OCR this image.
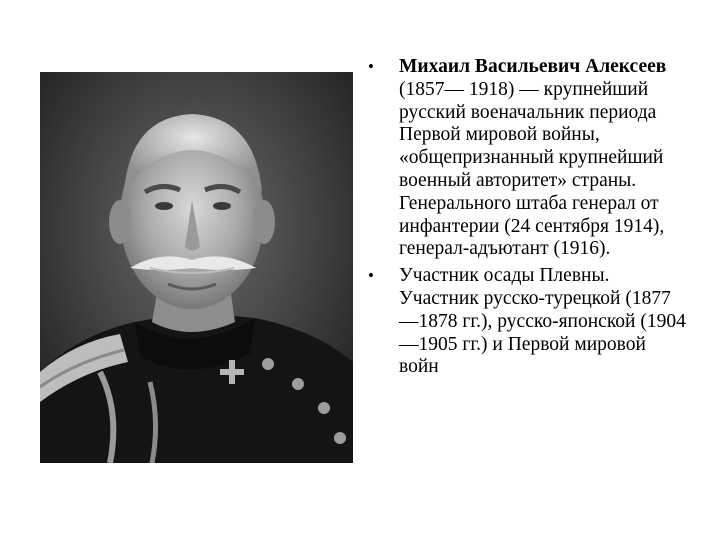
• Михаил Васильевич Алексеев (1857— 1918) — крупнейший русский военачальник периода Первой мировой войны, «общепризнанный крупнейший военный авторитет» страны. Генерального штаба генерал от инфантерии (24 сентября 1914), генерал-адъютант (1916).
• Участник осады Плевны. Участник русско-турецкой (1877—1878 гг.), русско-японской (1904—1905 гг.) и Первой мировой войн
